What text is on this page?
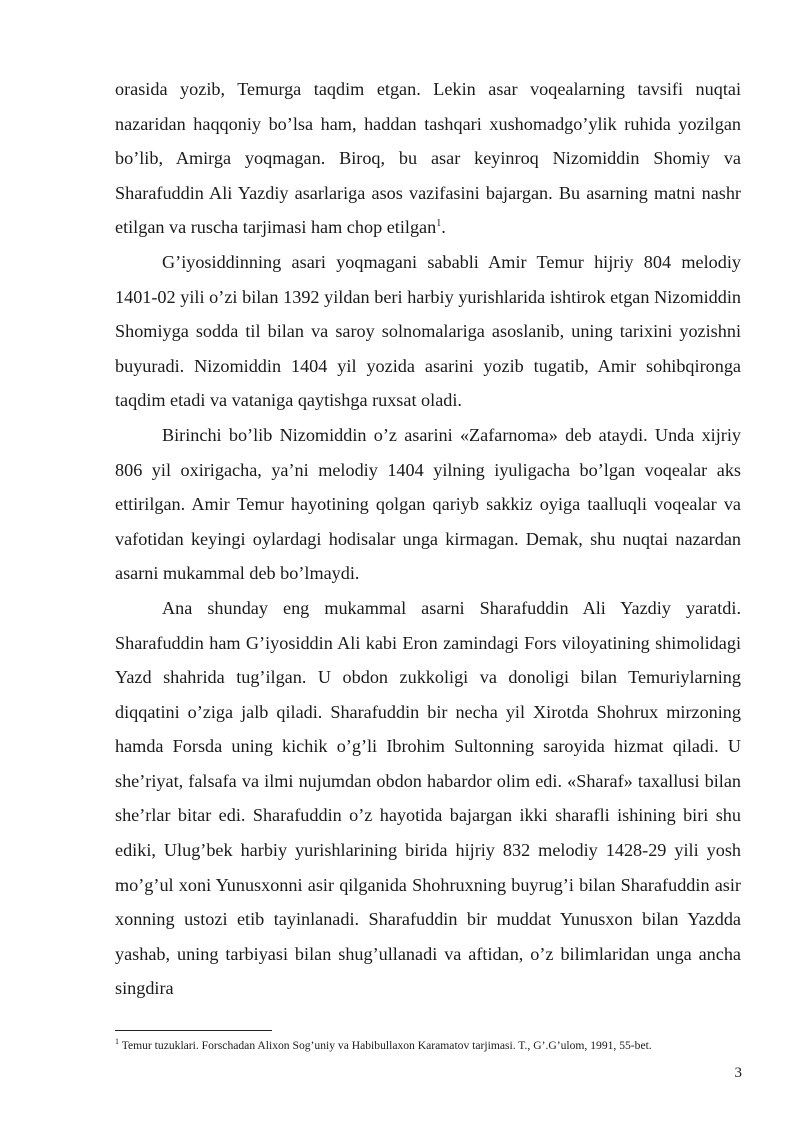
orasida yozib, Temurga taqdim etgan. Lekin asar voqealarning tavsifi nuqtai nazaridan haqqoniy bo’lsa ham, haddan tashqari xushomadgo’ylik ruhida yozilgan bo’lib, Amirga yoqmagan. Biroq, bu asar keyinroq Nizomiddin Shomiy va Sharafuddin Ali Yazdiy asarlariga asos vazifasini bajargan. Bu asarning matni nashr etilgan va ruscha tarjimasi ham chop etilgan$^1$.

G’iyosiddinning asari yoqmagani sababli Amir Temur hijriy 804 melodiy 1401-02 yili o’zi bilan 1392 yildan beri harbiy yurishlarida ishtirok etgan Nizomiddin Shomiyga sodda til bilan va saroy solnomalariga asoslanib, uning tarixini yozishni buyuradi. Nizomiddin 1404 yil yozida asarini yozib tugatib, Amir sohibqironga taqdim etadi va vataniga qaytishga ruxsat oladi.

Birinchi bo’lib Nizomiddin o’z asarini «Zafarnoma» deb ataydi. Unda xijriy 806 yil oxirigacha, ya’ni melodiy 1404 yilning iyuligacha bo’lgan voqealar aks ettirilgan. Amir Temur hayotining qolgan qariyb sakkiz oyiga taalluqli voqealar va vafotidan keyingi oylardagi hodisalar unga kirmagan. Demak, shu nuqtai nazardan asarni mukammal deb bo’lmaydi.

Ana shunday eng mukammal asarni Sharafuddin Ali Yazdiy yaratdi. Sharafuddin ham G’iyosiddin Ali kabi Eron zamindagi Fors viloyatining shimolidagi Yazd shahrida tug’ilgan. U obdon zukkoligi va donoligi bilan Temuriylarning diqqatini o’ziga jalb qiladi. Sharafuddin bir necha yil Xirotda Shohrux mirzoning hamda Forsda uning kichik o’g’li Ibrohim Sultonning saroyida hizmat qiladi. U she’riyat, falsafa va ilmi nujumdan obdon habardor olim edi. «Sharaf» taxallusi bilan she’rlar bitar edi. Sharafuddin o’z hayotida bajargan ikki sharafli ishining biri shu ediki, Ulug’bek harbiy yurishlarining birida hijriy 832 melodiy 1428-29 yili yosh mo’g’ul xoni Yunusxonni asir qilganida Shohruxning buyrug’i bilan Sharafuddin asir xonning ustozi etib tayinlanadi. Sharafuddin bir muddat Yunusxon bilan Yazdda yashab, uning tarbiyasi bilan shug’ullanadi va aftidan, o’z bilimlaridan unga ancha singdira

$^1$ Temur tuzuklari. Forschadan Alixon Sog’uniy va Habibullaxon Karamatov tarjimasi. T., G’.G’ulom, 1991, 55-bet.
3
